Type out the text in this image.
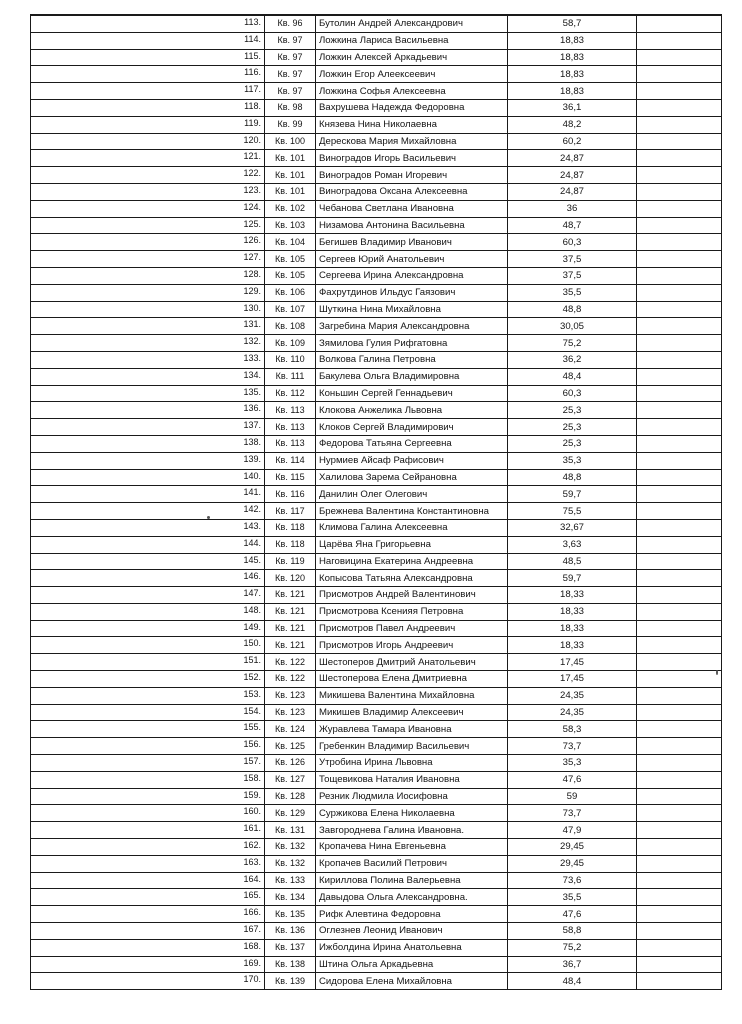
113.	Кв. 96	Бутолин Андрей Александрович	58,7	
114.	Кв. 97	Ложкина Лариса Васильевна	18,83	
115.	Кв. 97	Ложкин Алексей Аркадьевич	18,83	
116.	Кв. 97	Ложкин Егор Алеексеевич	18,83	
117.	Кв. 97	Ложкина Софья Алексеевна	18,83	
118.	Кв. 98	Вахрушева Надежда Федоровна	36,1	
119.	Кв. 99	Князева Нина Николаевна	48,2	
120.	Кв. 100	Дерескова Мария Михайловна	60,2	
121.	Кв. 101	Виноградов Игорь Васильевич	24,87	
122.	Кв. 101	Виноградов Роман Игоревич	24,87	
123.	Кв. 101	Виноградова Оксана Алексеевна	24,87	
124.	Кв. 102	Чебанова Светлана Ивановна	36	
125.	Кв. 103	Низамова Антонина Васильевна	48,7	
126.	Кв. 104	Бегишев Владимир Иванович	60,3	
127.	Кв. 105	Сергеев Юрий Анатольевич	37,5	
128.	Кв. 105	Сергеева Ирина Александровна	37,5	
129.	Кв. 106	Фахрутдинов Ильдус Гаязович	35,5	
130.	Кв. 107	Шуткина Нина Михайловна	48,8	
131.	Кв. 108	Загребина Мария Александровна	30,05	
132.	Кв. 109	Зямилова Гулия Рифгатовна	75,2	
133.	Кв. 110	Волкова Галина Петровна	36,2	
134.	Кв. 111	Бакулева Ольга Владимировна	48,4	
135.	Кв. 112	Коньшин Сергей Геннадьевич	60,3	
136.	Кв. 113	Клокова Анжелика Львовна	25,3	
137.	Кв. 113	Клоков Сергей Владимирович	25,3	
138.	Кв. 113	Федорова Татьяна Сергеевна	25,3	
139.	Кв. 114	Нурмиев Айсаф Рафисович	35,3	
140.	Кв. 115	Халилова Зарема Сейрановна	48,8	
141.	Кв. 116	Данилин Олег Олегович	59,7	
142.	Кв. 117	Брежнева Валентина Константиновна	75,5	
143.	Кв. 118	Климова Галина Алексеевна	32,67	
144.	Кв. 118	Царёва Яна Григорьевна	3,63	
145.	Кв. 119	Наговицина Екатерина Андреевна	48,5	
146.	Кв. 120	Копысова Татьяна Александровна	59,7	
147.	Кв. 121	Присмотров Андрей Валентинович	18,33	
148.	Кв. 121	Присмотрова Ксенияя Петровна	18,33	
149.	Кв. 121	Присмотров Павел Андреевич	18,33	
150.	Кв. 121	Присмотров Игорь Андреевич	18,33	
151.	Кв. 122	Шестоперов Дмитрий Анатольевич	17,45	
152.	Кв. 122	Шестоперова Елена Дмитриевна	17,45	
153.	Кв. 123	Микишева Валентина Михайловна	24,35	
154.	Кв. 123	Микишев Владимир Алексеевич	24,35	
155.	Кв. 124	Журавлева Тамара Ивановна	58,3	
156.	Кв. 125	Гребенкин Владимир Васильевич	73,7	
157.	Кв. 126	Утробина Ирина Львовна	35,3	
158.	Кв. 127	Тощевикова Наталия Ивановна	47,6	
159.	Кв. 128	Резник Людмила Иосифовна	59	
160.	Кв. 129	Суржикова Елена Николаевна	73,7	
161.	Кв. 131	Завгороднева Галина Ивановна.	47,9	
162.	Кв. 132	Кропачева Нина Евгеньевна	29,45	
163.	Кв. 132	Кропачев Василий Петрович	29,45	
164.	Кв. 133	Кириллова Полина Валерьевна	73,6	
165.	Кв. 134	Давыдова Ольга Александровна.	35,5	
166.	Кв. 135	Рифк Алевтина Федоровна	47,6	
167.	Кв. 136	Оглезнев Леонид Иванович	58,8	
168.	Кв. 137	Ижболдина Ирина Анатольевна	75,2	
169.	Кв. 138	Штина Ольга Аркадьевна	36,7	
170.	Кв. 139	Сидорова Елена Михайловна	48,4	
